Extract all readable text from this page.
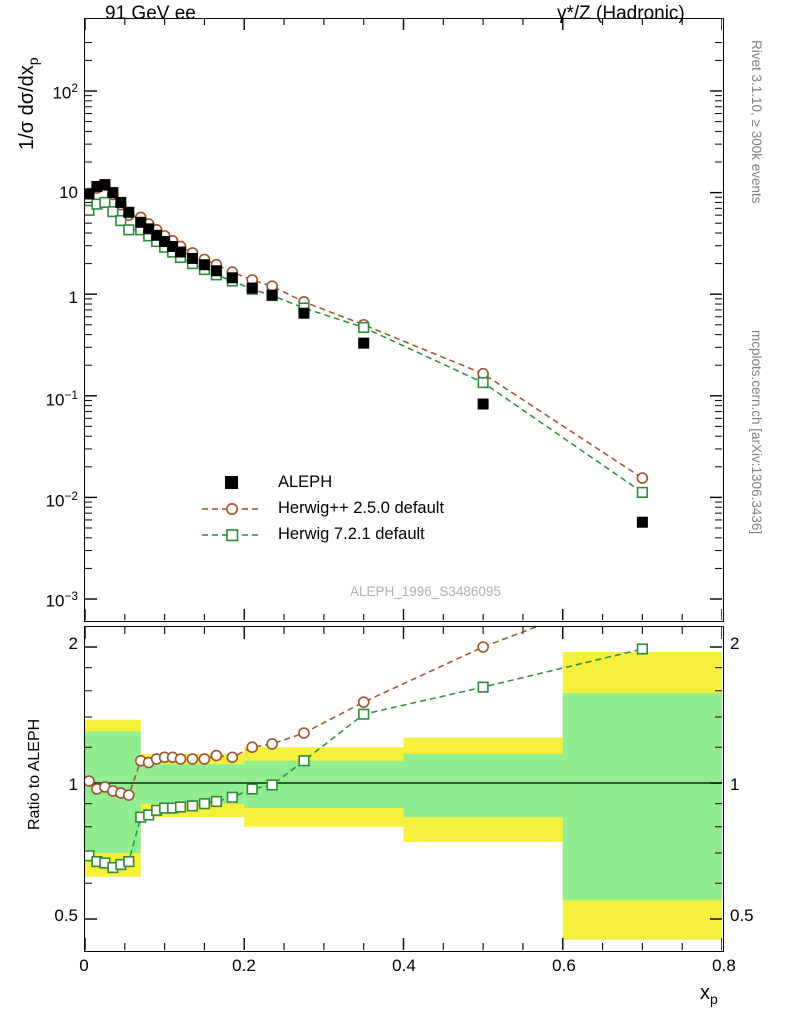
91 GeV ee	γ*/Z (Hadronic)
1/σ $d\sigma/dx_p$
$10^2$
10
1
$10^{-1}$
$10^{-2}$
$10^{-3}$
ALEPH
Herwig++ 2.5.0 default
Herwig 7.2.1 default
ALEPH_1996_S3486095
Ratio to ALEPH
2
1
0.5
2
1
0.5
0	0.2	0.4	0.6	0.8
$x_p$
Rivet 3.1.10, ≥ 300k events
mcplots.cern.ch [arXiv:1306.3436]
